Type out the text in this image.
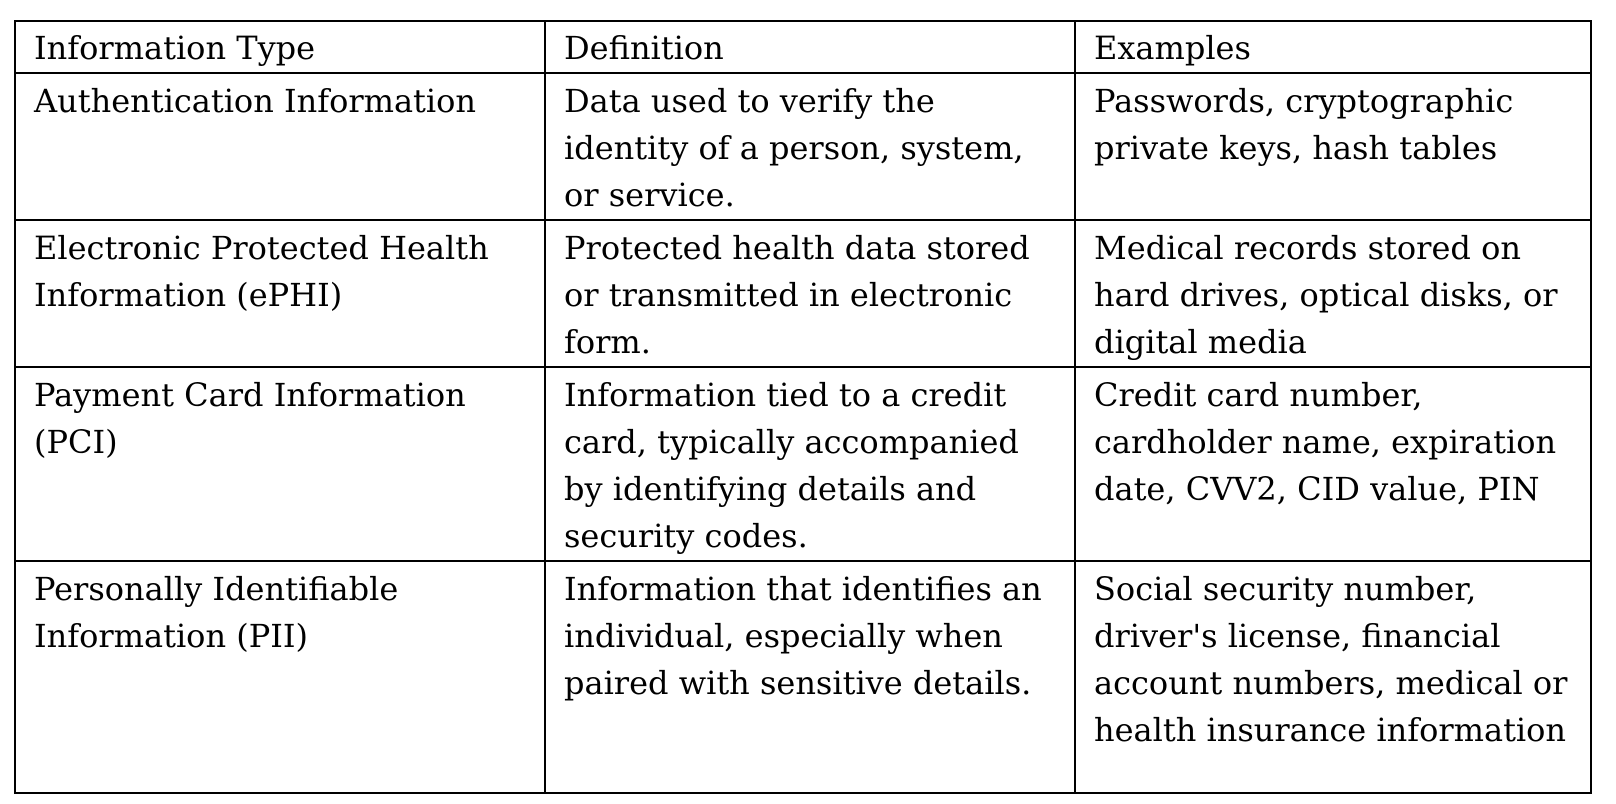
Information Type	Definition	Examples
Authentication Information	Data used to verify the identity of a person, system, or service.	Passwords, cryptographic private keys, hash tables
Electronic Protected Health Information (ePHI)	Protected health data stored or transmitted in electronic form.	Medical records stored on hard drives, optical disks, or digital media
Payment Card Information (PCI)	Information tied to a credit card, typically accompanied by identifying details and security codes.	Credit card number, cardholder name, expiration date, CVV2, CID value, PIN
Personally Identifiable Information (PII)	Information that identifies an individual, especially when paired with sensitive details.	Social security number, driver's license, financial account numbers, medical or health insurance information
